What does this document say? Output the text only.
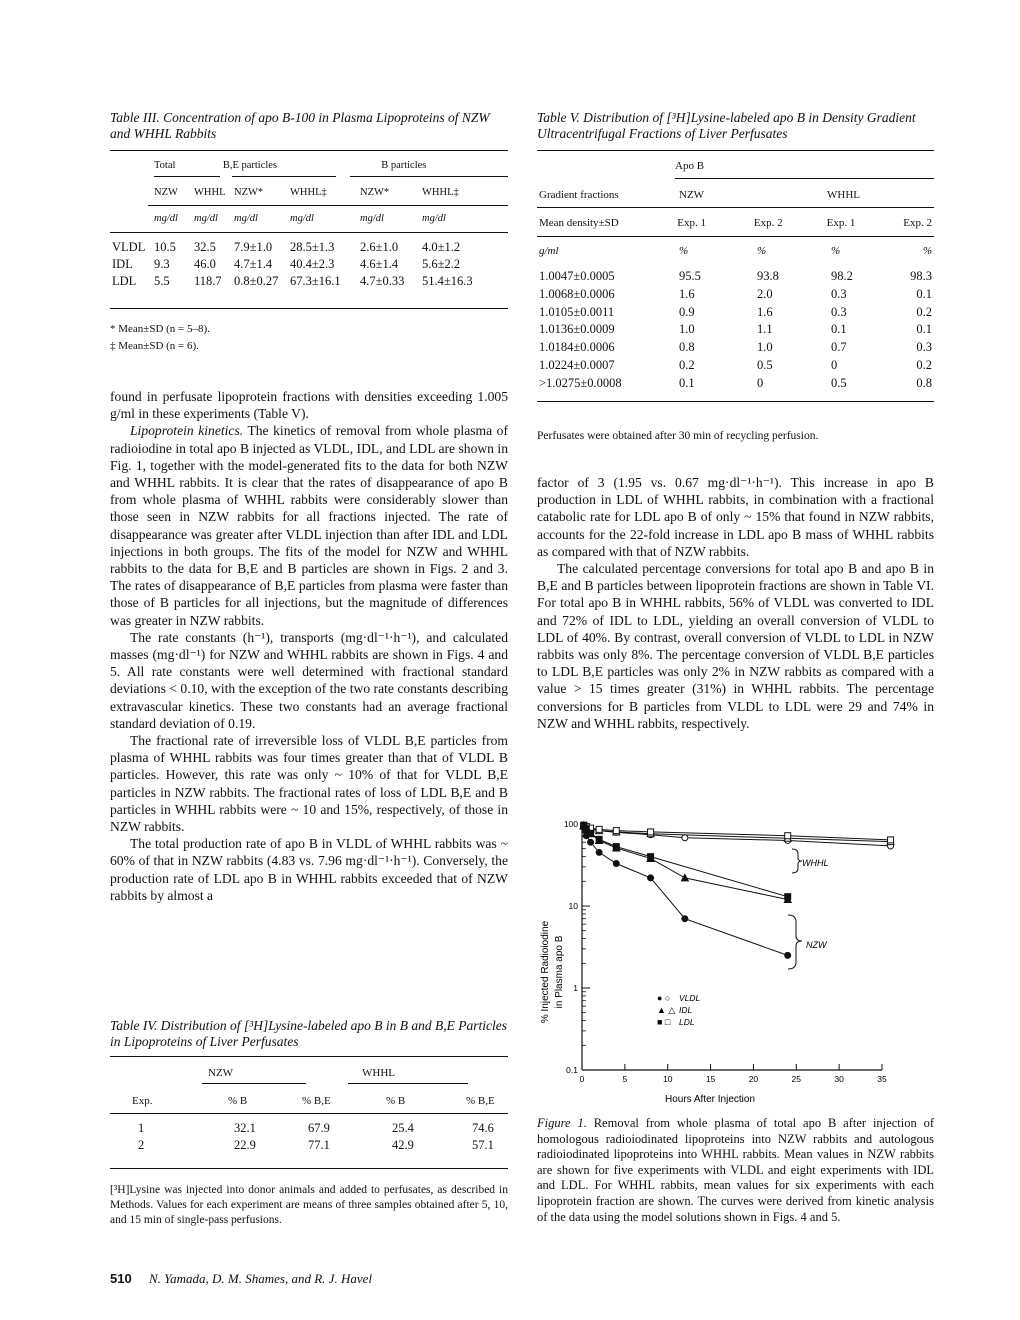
Table III. Concentration of apo B-100 in Plasma Lipoproteins of NZW and WHHL Rabbits
	Total	B,E particles	B particles
	NZW	WHHL	NZW*	WHHL‡	NZW*	WHHL‡
	mg/dl	mg/dl	mg/dl	mg/dl	mg/dl	mg/dl
VLDL	10.5	32.5	7.9±1.0	28.5±1.3	2.6±1.0	4.0±1.2
IDL	9.3	46.0	4.7±1.4	40.4±2.3	4.6±1.4	5.6±2.2
LDL	5.5	118.7	0.8±0.27	67.3±16.1	4.7±0.33	51.4±16.3
* Mean±SD (n = 5–8).
‡ Mean±SD (n = 6).

found in perfusate lipoprotein fractions with densities exceeding 1.005 g/ml in these experiments (Table V).

Lipoprotein kinetics. The kinetics of removal from whole plasma of radioiodine in total apo B injected as VLDL, IDL, and LDL are shown in Fig. 1, together with the model-generated fits to the data for both NZW and WHHL rabbits. It is clear that the rates of disappearance of apo B from whole plasma of WHHL rabbits were considerably slower than those seen in NZW rabbits for all fractions injected. The rate of disappearance was greater after VLDL injection than after IDL and LDL injections in both groups. The fits of the model for NZW and WHHL rabbits to the data for B,E and B particles are shown in Figs. 2 and 3. The rates of disappearance of B,E particles from plasma were faster than those of B particles for all injections, but the magnitude of differences was greater in NZW rabbits.

The rate constants (h⁻¹), transports (mg·dl⁻¹·h⁻¹), and calculated masses (mg·dl⁻¹) for NZW and WHHL rabbits are shown in Figs. 4 and 5. All rate constants were well determined with fractional standard deviations < 0.10, with the exception of the two rate constants describing extravascular kinetics. These two constants had an average fractional standard deviation of 0.19.

The fractional rate of irreversible loss of VLDL B,E particles from plasma of WHHL rabbits was four times greater than that of VLDL B particles. However, this rate was only ~ 10% of that for VLDL B,E particles in NZW rabbits. The fractional rates of loss of LDL B,E and B particles in WHHL rabbits were ~ 10 and 15%, respectively, of those in NZW rabbits.

The total production rate of apo B in VLDL of WHHL rabbits was ~ 60% of that in NZW rabbits (4.83 vs. 7.96 mg·dl⁻¹·h⁻¹). Conversely, the production rate of LDL apo B in WHHL rabbits exceeded that of NZW rabbits by almost a

Table IV. Distribution of [³H]Lysine-labeled apo B in B and B,E Particles in Lipoproteins of Liver Perfusates
	NZW	WHHL
Exp.	% B	% B,E	% B	% B,E
1	32.1	67.9	25.4	74.6
2	22.9	77.1	42.9	57.1
[³H]Lysine was injected into donor animals and added to perfusates, as described in Methods. Values for each experiment are means of three samples obtained after 5, 10, and 15 min of single-pass perfusions.
Table V. Distribution of [³H]Lysine-labeled apo B in Density Gradient Ultracentrifugal Fractions of Liver Perfusates
Apo B
Gradient fractions	NZW	WHHL
Mean density±SD	Exp. 1	Exp. 2	Exp. 1	Exp. 2
g/ml	%	%	%	%
1.0047±0.0005	95.5	93.8	98.2	98.3
1.0068±0.0006	1.6	2.0	0.3	0.1
1.0105±0.0011	0.9	1.6	0.3	0.2
1.0136±0.0009	1.0	1.1	0.1	0.1
1.0184±0.0006	0.8	1.0	0.7	0.3
1.0224±0.0007	0.2	0.5	0	0.2
>1.0275±0.0008	0.1	0	0.5	0.8
Perfusates were obtained after 30 min of recycling perfusion.

factor of 3 (1.95 vs. 0.67 mg·dl⁻¹·h⁻¹). This increase in apo B production in LDL of WHHL rabbits, in combination with a fractional catabolic rate for LDL apo B of only ~ 15% that found in NZW rabbits, accounts for the 22-fold increase in LDL apo B mass of WHHL rabbits as compared with that of NZW rabbits.

The calculated percentage conversions for total apo B and apo B in B,E and B particles between lipoprotein fractions are shown in Table VI. For total apo B in WHHL rabbits, 56% of VLDL was converted to IDL and 72% of IDL to LDL, yielding an overall conversion of VLDL to LDL of 40%. By contrast, overall conversion of VLDL to LDL in NZW rabbits was only 8%. The percentage conversion of VLDL B,E particles to LDL B,E particles was only 2% in NZW rabbits as compared with a value > 15 times greater (31%) in WHHL rabbits. The percentage conversions for B particles from VLDL to LDL were 29 and 74% in NZW and WHHL rabbits, respectively.

% Injected Radioiodine in Plasma apo B
Hours After Injection
WHHL
NZW
● ○ VLDL
▲ △ IDL
■ □ LDL
100
10
1
0.1
0	5	10	15	20	25	30	35
Figure 1. Removal from whole plasma of total apo B after injection of homologous radioiodinated lipoproteins into NZW rabbits and autologous radioiodinated lipoproteins into WHHL rabbits. Mean values in NZW rabbits are shown for five experiments with VLDL and eight experiments with IDL and LDL. For WHHL rabbits, mean values for six experiments with each lipoprotein fraction are shown. The curves were derived from kinetic analysis of the data using the model solutions shown in Figs. 4 and 5.
510 N. Yamada, D. M. Shames, and R. J. Havel
